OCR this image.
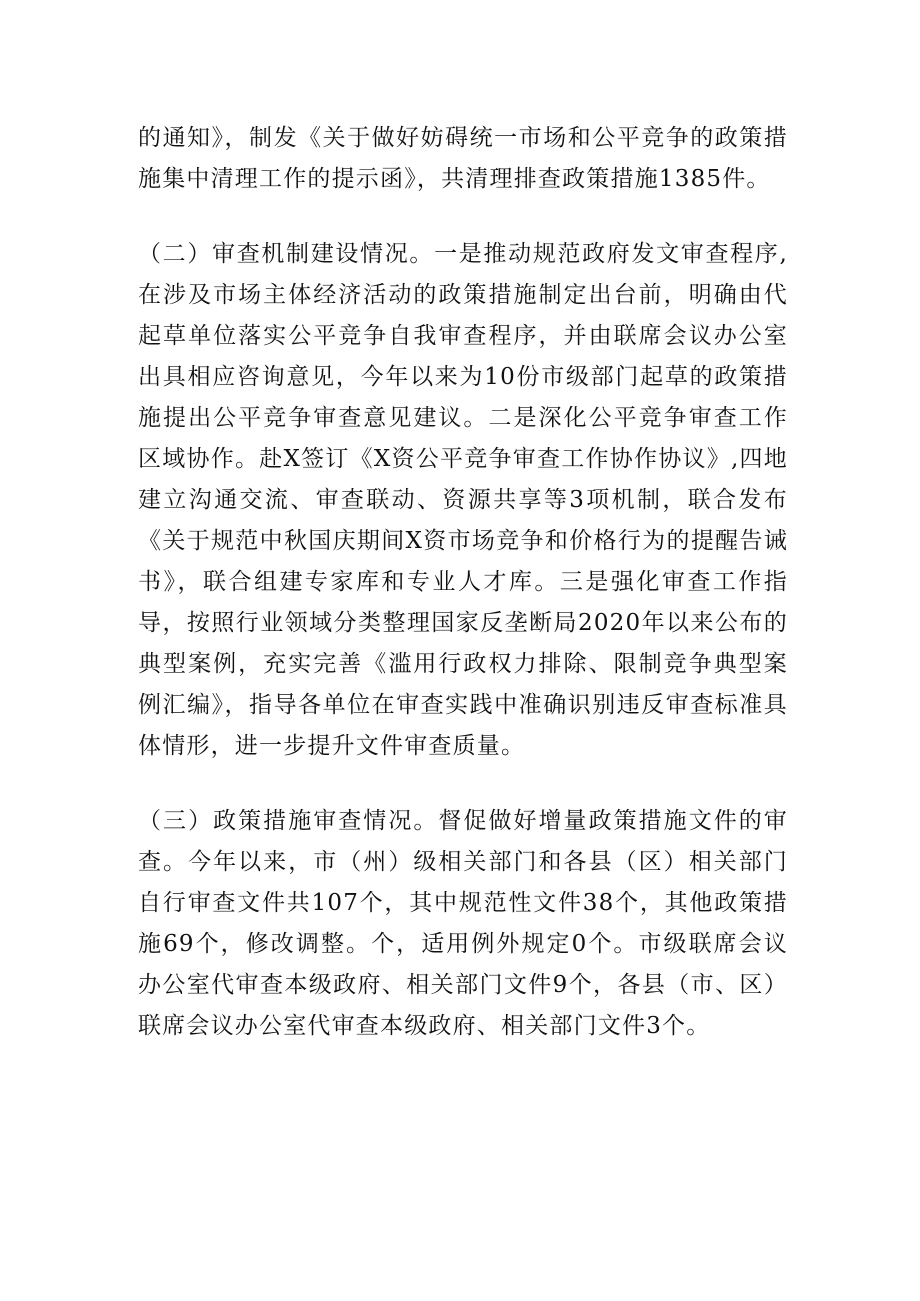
的通知》，制发《关于做好妨碍统一市场和公平竞争的政策措施集中清理工作的提示函》，共清理排查政策措施1385件。

（二）审查机制建设情况。一是推动规范政府发文审查程序,在涉及市场主体经济活动的政策措施制定出台前，明确由代起草单位落实公平竞争自我审查程序，并由联席会议办公室出具相应咨询意见，今年以来为10份市级部门起草的政策措施提出公平竞争审查意见建议。二是深化公平竞争审查工作区域协作。赴X签订《X资公平竞争审查工作协作协议》,四地建立沟通交流、审查联动、资源共享等3项机制，联合发布《关于规范中秋国庆期间X资市场竞争和价格行为的提醒告诫书》，联合组建专家库和专业人才库。三是强化审查工作指导，按照行业领域分类整理国家反垄断局2020年以来公布的典型案例，充实完善《滥用行政权力排除、限制竞争典型案例汇编》，指导各单位在审查实践中准确识别违反审查标准具体情形，进一步提升文件审查质量。

（三）政策措施审查情况。督促做好增量政策措施文件的审查。今年以来，市（州）级相关部门和各县（区）相关部门自行审查文件共107个，其中规范性文件38个，其他政策措施69个，修改调整。个，适用例外规定0个。市级联席会议办公室代审查本级政府、相关部门文件9个，各县（市、区）联席会议办公室代审查本级政府、相关部门文件3个。
